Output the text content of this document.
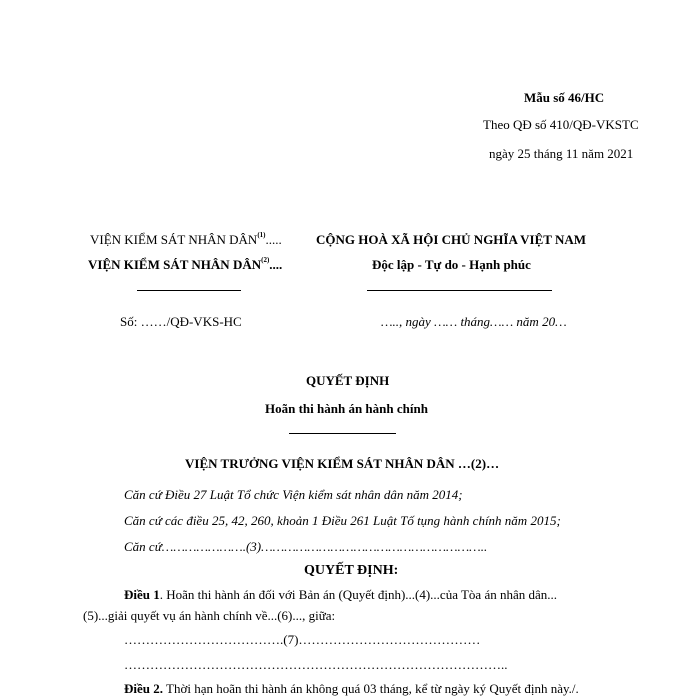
Mẫu số 46/HC
Theo QĐ số 410/QĐ-VKSTC
ngày 25 tháng 11 năm 2021
VIỆN KIỂM SÁT NHÂN DÂN$^{(1)}$.....
VIỆN KIỂM SÁT NHÂN DÂN$^{(2)}$....
Số: ……/QĐ-VKS-HC
CỘNG HOÀ XÃ HỘI CHỦ NGHĨA VIỆT NAM
Độc lập - Tự do - Hạnh phúc
….., ngày …… tháng…… năm 20…
QUYẾT ĐỊNH
Hoãn thi hành án hành chính
VIỆN TRƯỞNG VIỆN KIỂM SÁT NHÂN DÂN …(2)…
Căn cứ Điều 27 Luật Tổ chức Viện kiểm sát nhân dân năm 2014;
Căn cứ các điều 25, 42, 260, khoản 1 Điều 261 Luật Tố tụng hành chính năm 2015;
Căn cứ………………….(3)…………………………………………………..
QUYẾT ĐỊNH:
Điều 1. Hoãn thi hành án đối với Bản án (Quyết định)...(4)...của Tòa án nhân dân...
(5)...giải quyết vụ án hành chính về...(6)..., giữa:
……………………………….(7)……………………………………
……………………………………………………………………………..
Điều 2. Thời hạn hoãn thi hành án không quá 03 tháng, kể từ ngày ký Quyết định này./.
